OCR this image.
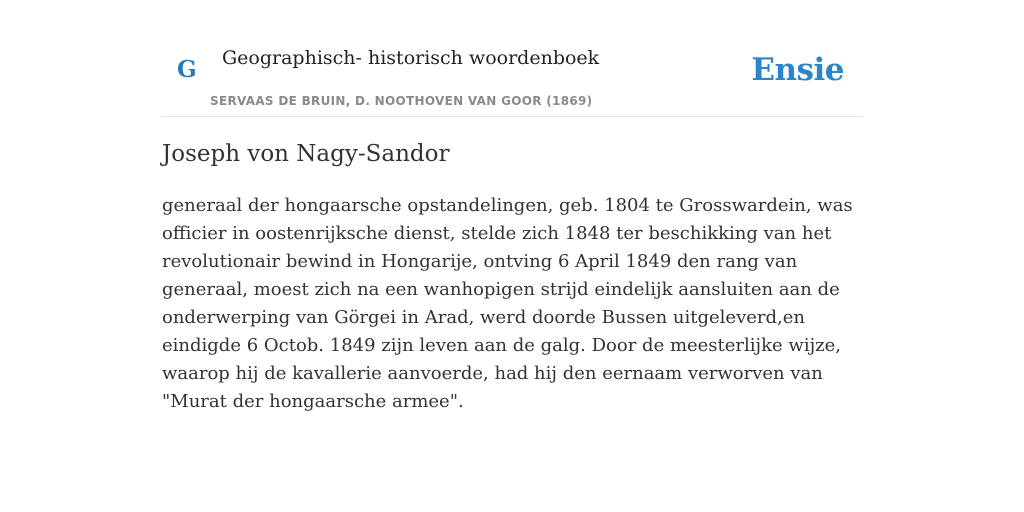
G Geographisch- historisch woordenboek
SERVAAS DE BRUIN, D. NOOTHOVEN VAN GOOR (1869)
Ensie
Joseph von Nagy-Sandor

generaal der hongaarsche opstandelingen, geb. 1804 te Grosswardein, was officier in oostenrijksche dienst, stelde zich 1848 ter beschikking van het revolutionair bewind in Hongarije, ontving 6 April 1849 den rang van generaal, moest zich na een wanhopigen strijd eindelijk aansluiten aan de onderwerping van Görgei in Arad, werd doorde Bussen uitgeleverd,en eindigde 6 Octob. 1849 zijn leven aan de galg. Door de meesterlijke wijze, waarop hij de kavallerie aanvoerde, had hij den eernaam verworven van "Murat der hongaarsche armee".
